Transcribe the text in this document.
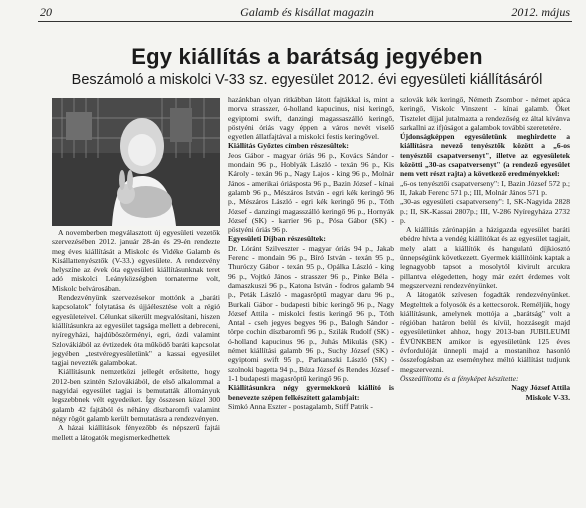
20	Galamb és kisállat magazin	2012. május
Egy kiállítás a barátság jegyében
Beszámoló a miskolci V-33 sz. egyesület 2012. évi egyesületi kiállításáról

A novemberben megválasztott új egyesületi vezetők szervezésében 2012. január 28-án és 29-én rendezte meg éves kiállítását a Miskolc és Vidéke Galamb és Kisállattenyésztők (V-33.) egyesülete. A rendezvény helyszíne az évek óta egyesületi kiállításunknak teret adó miskolci Leányközségben tornaterme volt, Miskolc belvárosában.

Rendezvényünk szervezésekor mottónk a „baráti kapcsolatok" folytatása és újjáélesztése volt a régió egyesületeivel. Célunkat sikerült megvalósítani, hiszen kiállításunkra az egyesület tagsága mellett a debreceni, nyíregyházi, hajdúböszörményi, egri, ózdi valamint Szlovákiából az évtizedek óta működő baráti kapcsolat jegyében „testvéregyesületünk" a kassai egyesület tagjai nevezték galambokat.

Kiállításunk nemzetközi jellegét erősítette, hogy 2012-ben szintén Szlovákiából, de első alkalommal a nagyidai egyesület tagjai is bemutatták állományuk legszebbnek vélt egyedeiket. Így összesen közel 300 galamb 42 fajtából és néhány díszbaromfi valamint négy rögöt galamb került bemutatásra a rendezvényen.

A házai kiállítások fényezőbb és népszerű fajtái mellett a látogatók megismerkedhettek

hazánkban olyan ritkábban látott fajtákkal is, mint a morva strasszer, ó-holland kapucinus, nisi keringő, egyiptomi swift, danzingi magassaszálló keringő, pöstyéni óriás vagy éppen a város nevét viselő egyetlen állatfajtával a miskolci festis keringővel.

Kiállítás Győztes címben részesültek:

Jeos Gábor - magyar óriás 96 p., Kovács Sándor - mondain 96 p., Hoblyák László - texán 96 p., Kis Károly - texán 96 p., Nagy Lajos - king 96 p., Molnár János - amerikai óriásposta 96 p., Bazin József - kínai galamb 96 p., Mészáros István - egri kék keringő 96 p., Mészáros László - egri kék keringő 96 p., Tóth József - danzingi magasszálló keringő 96 p., Hornyák József (SK) - karrier 96 p., Pósa Gábor (SK) - pöstyéni óriás 96 p.

Egyesületi Díjban részesültek:

Dr. Lóránt Szilveszter - magyar óriás 94 p., Jakab Ferenc - mondain 96 p., Bíró István - texán 95 p., Thuróczy Gábor - texán 95 p., Opálka László - king 96 p., Vojtkó János - strasszer 96 p., Pinke Béla - damaszkuszi 96 p., Katona István - fodros galamb 94 p., Peták László - magasröptű magyar daru 96 p., Burkali Gábor - budapesti bibic keringő 96 p., Nagy József Attila - miskolci festis keringő 96 p., Tóth Antal - cseh jegyes begyes 96 p., Balogh Sándor - törpe cochin díszbaromfi 96 p., Szilák Rudolf (SK) - ó-holland kapucinus 96 p., Juhás Mikulás (SK) - német kiállítási galamb 96 p., Suchy József (SK) - egyiptomi swift 95 p., Parkanszki László (SK) - szolnoki bagetta 94 p., Búza József és Rendes József - 1-1 budapesti magasröptű keringő 96 p.

Kiállításunkra négy gyermekkorú kiállító is benevezte szépen felkészített galambjait:

Simkó Anna Eszter - postagalamb, Stiff Patrik -

szlovák kék keringő, Németh Zsombor - német apáca keringő, Viskolc Vinszent - kínai galamb. Őket Tisztelet díjjal jutalmazta a rendezőség ez által kívánva sarkallni az ifjúságot a galambok további szeretetére.

Újdonságképpen egyesületünk meghirdette a kiállításra nevező tenyésztők között a „6-os tenyésztői csapatversenyt", illetve az egyesületek közötti „30-as csapatversenyt" (a rendező egyesület nem vett részt rajta) a következő eredményekkel:

„6-os tenyésztői csapatverseny": I, Bazin József 572 p.; II, Jakab Ferenc 571 p.; III, Molnár János 571 p.

„30-as egyesületi csapatverseny": I, SK-Nagyida 2828 p.; II, SK-Kassai 2807p.; III, V-286 Nyíregyháza 2732 p.

A kiállítás zárónapján a házigazda egyesület baráti ebédre hívta a vendég kiállítókat és az egyesület tagjait, mely alatt a kiállítók és hangulatú díjkiosztó ünnepségünk következett. Gyermek kiállítóink kaptak a legnagyobb tapsot a mosolytól kivirult arcukra pillantva elégedetten, hogy már ezért érdemes volt megszervezni rendezvényünket.

A látogatók szívesen fogadták rendezvényünket. Megtelttek a folyosók és a kettecsorok. Reméljük, hogy kiállításunk, amelynek mottója a „barátság" volt a régióban határon belül és kívül, hozzásegít majd egyesületünket ahhoz, hogy 2013-ban JUBILEUMI ÉVÜNKBEN amikor is egyesületünk 125 éves évfordulóját ünnepli majd a mostanihoz hasonló összefogásban az eseményhez méltó kiállítást tudjunk megszervezni.

Összeállította és a fényképet készítette:

Nagy József Attila

Miskolc V-33.
